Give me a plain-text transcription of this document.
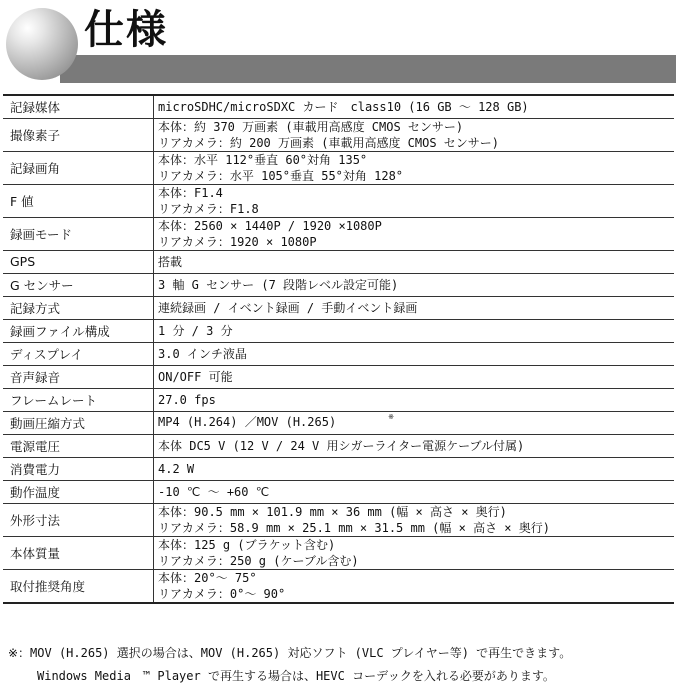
仕様
記録媒体	microSDHC/microSDXC カード　class10 (16 GB ～ 128 GB)

撮像素子	本体：約 370 万画素 (車載用高感度 CMOS センサー)
リアカメラ：約 200 万画素 (車載用高感度 CMOS センサー)

記録画角	本体：水平 112°垂直 60°対角 135°
リアカメラ：水平 105°垂直 55°対角 128°

F 値	本体：F1.4
リアカメラ：F1.8

録画モード	本体：2560 × 1440P / 1920 ×1080P
リアカメラ：1920 × 1080P

GPS	搭載

G センサー	3 軸 G センサー (7 段階レベル設定可能)

記録方式	連続録画 / イベント録画 / 手動イベント録画

録画ファイル構成	1 分 / 3 分

ディスプレイ	3.0 インチ液晶

音声録音	ON/OFF 可能

フレームレート	27.0 fps

動画圧縮方式	MP4 (H.264) ／MOV (H.265) ※
電源電圧	本体 DC5 V (12 V / 24 V 用シガーライター電源ケーブル付属)

消費電力	4.2 W

動作温度	-10 ℃ ～ +60 ℃

外形寸法	本体：90.5 mm × 101.9 mm × 36 mm (幅 × 高さ × 奥行)
リアカメラ：58.9 mm × 25.1 mm × 31.5 mm (幅 × 高さ × 奥行)

本体質量	本体：125 g (ブラケット含む)
リアカメラ：250 g (ケーブル含む)

取付推奨角度	本体：20°～ 75°
リアカメラ：0°～ 90°
※：MOV (H.265) 選択の場合は、MOV (H.265) 対応ソフト (VLC プレイヤー等) で再生できます。
Windows Media　™ Player で再生する場合は、HEVC コーデックを入れる必要があります。
